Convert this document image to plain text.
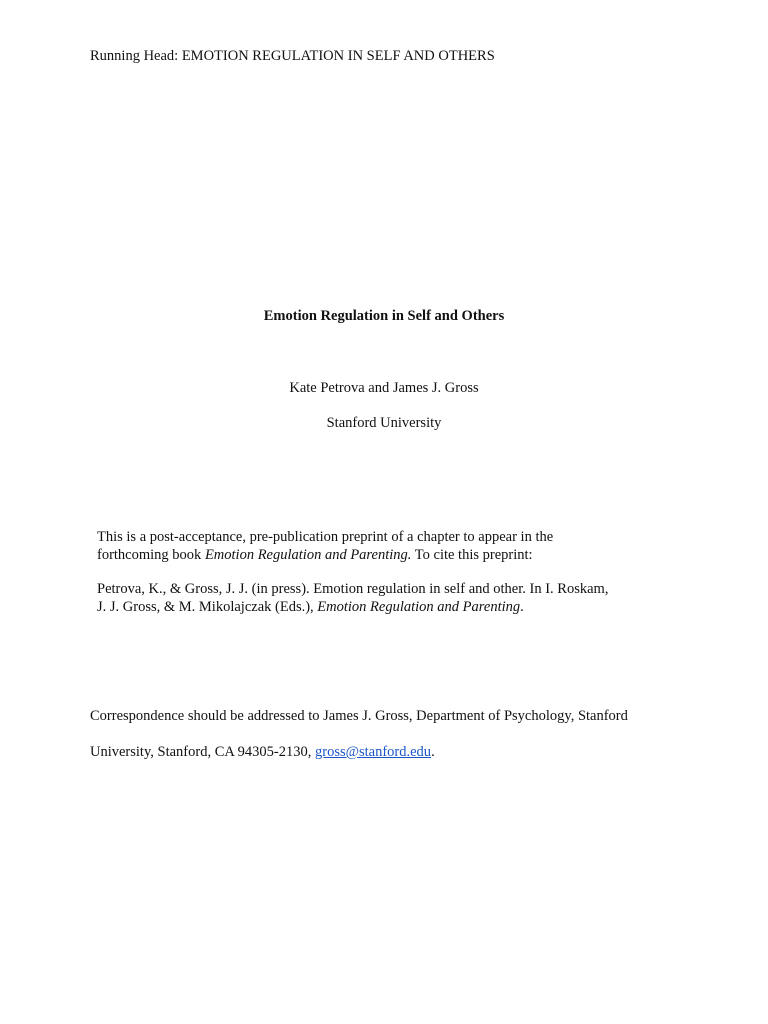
Running Head: EMOTION REGULATION IN SELF AND OTHERS
Emotion Regulation in Self and Others
Kate Petrova and James J. Gross
Stanford University

This is a post-acceptance, pre-publication preprint of a chapter to appear in the
forthcoming book Emotion Regulation and Parenting. To cite this preprint:

Petrova, K., & Gross, J. J. (in press). Emotion regulation in self and other. In I. Roskam,
J. J. Gross, & M. Mikolajczak (Eds.), Emotion Regulation and Parenting.

Correspondence should be addressed to James J. Gross, Department of Psychology, Stanford
University, Stanford, CA 94305-2130, gross@stanford.edu.
